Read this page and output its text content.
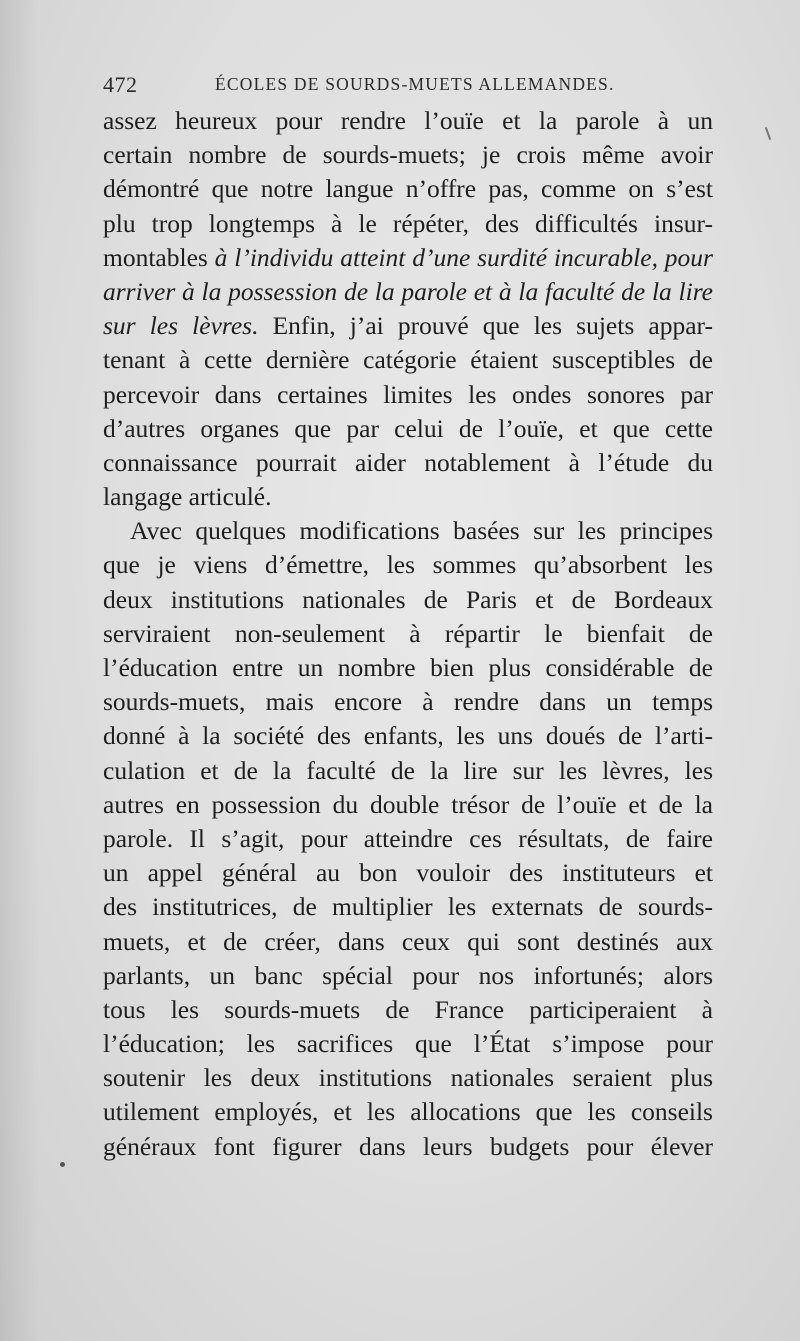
472	ÉCOLES DE SOURDS-MUETS ALLEMANDES.
assez heureux pour rendre l’ouïe et la parole à un
certain nombre de sourds-muets; je crois même avoir
démontré que notre langue n’offre pas, comme on s’est
plu trop longtemps à le répéter, des difficultés insur-
montables à l’individu atteint d’une surdité incurable, pour
arriver à la possession de la parole et à la faculté de la lire
sur les lèvres. Enfin, j’ai prouvé que les sujets appar-
tenant à cette dernière catégorie étaient susceptibles de
percevoir dans certaines limites les ondes sonores par
d’autres organes que par celui de l’ouïe, et que cette
connaissance pourrait aider notablement à l’étude du
langage articulé.
Avec quelques modifications basées sur les principes
que je viens d’émettre, les sommes qu’absorbent les
deux institutions nationales de Paris et de Bordeaux
serviraient non-seulement à répartir le bienfait de
l’éducation entre un nombre bien plus considérable de
sourds-muets, mais encore à rendre dans un temps
donné à la société des enfants, les uns doués de l’arti-
culation et de la faculté de la lire sur les lèvres, les
autres en possession du double trésor de l’ouïe et de la
parole. Il s’agit, pour atteindre ces résultats, de faire
un appel général au bon vouloir des instituteurs et
des institutrices, de multiplier les externats de sourds-
muets, et de créer, dans ceux qui sont destinés aux
parlants, un banc spécial pour nos infortunés; alors
tous les sourds-muets de France participeraient à
l’éducation; les sacrifices que l’État s’impose pour
soutenir les deux institutions nationales seraient plus
utilement employés, et les allocations que les conseils
généraux font figurer dans leurs budgets pour élever
